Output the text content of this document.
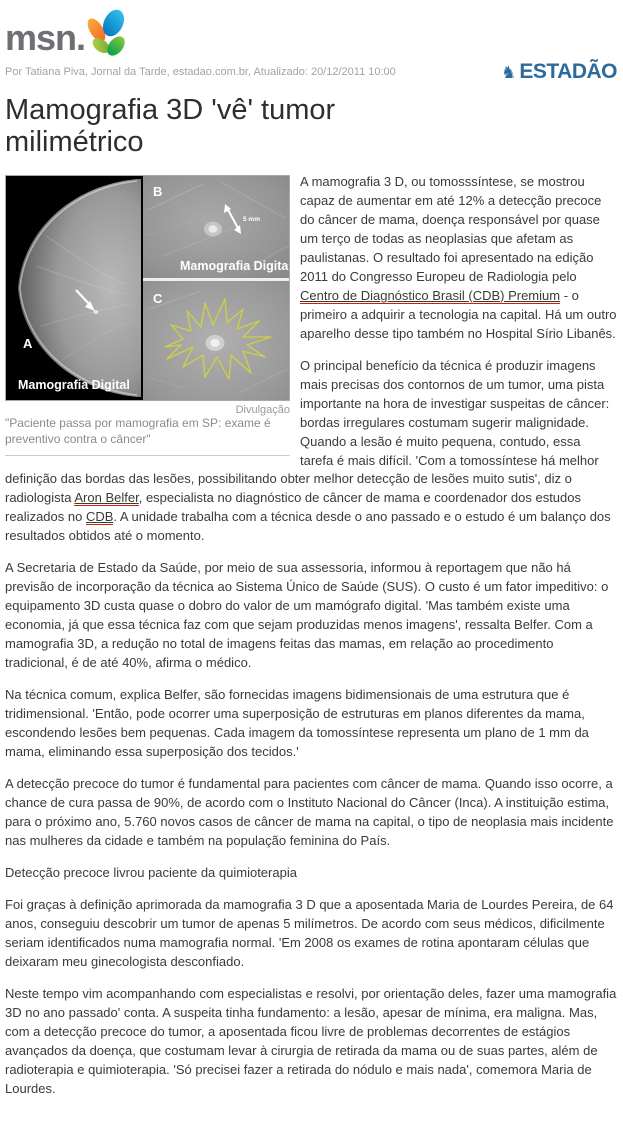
msn.
Por Tatiana Piva, Jornal da Tarde, estadao.com.br, Atualizado: 20/12/2011 10:00	♞ ESTADÃO
Mamografia 3D 'vê' tumor milimétrico
A
Mamografia Digital
5 mm
B
Mamografia Digital
C
Divulgação
"Paciente passa por mamografia em SP: exame é preventivo contra o câncer"

A mamografia 3 D, ou tomosssíntese, se mostrou capaz de aumentar em até 12% a detecção precoce do câncer de mama, doença responsável por quase um terço de todas as neoplasias que afetam as paulistanas. O resultado foi apresentado na edição 2011 do Congresso Europeu de Radiologia pelo Centro de Diagnóstico Brasil (CDB) Premium - o primeiro a adquirir a tecnologia na capital. Há um outro aparelho desse tipo também no Hospital Sírio Libanês.

O principal benefício da técnica é produzir imagens mais precisas dos contornos de um tumor, uma pista importante na hora de investigar suspeitas de câncer: bordas irregulares costumam sugerir malignidade. Quando a lesão é muito pequena, contudo, essa tarefa é mais difícil. 'Com a tomossíntese há melhor definição das bordas das lesões, possibilitando obter melhor detecção de lesões muito sutis', diz o radiologista Aron Belfer, especialista no diagnóstico de câncer de mama e coordenador dos estudos realizados no CDB. A unidade trabalha com a técnica desde o ano passado e o estudo é um balanço dos resultados obtidos até o momento.

A Secretaria de Estado da Saúde, por meio de sua assessoria, informou à reportagem que não há previsão de incorporação da técnica ao Sistema Único de Saúde (SUS). O custo é um fator impeditivo: o equipamento 3D custa quase o dobro do valor de um mamógrafo digital. 'Mas também existe uma economia, já que essa técnica faz com que sejam produzidas menos imagens', ressalta Belfer. Com a mamografia 3D, a redução no total de imagens feitas das mamas, em relação ao procedimento tradicional, é de até 40%, afirma o médico.

Na técnica comum, explica Belfer, são fornecidas imagens bidimensionais de uma estrutura que é tridimensional. 'Então, pode ocorrer uma superposição de estruturas em planos diferentes da mama, escondendo lesões bem pequenas. Cada imagem da tomossíntese representa um plano de 1 mm da mama, eliminando essa superposição dos tecidos.'

A detecção precoce do tumor é fundamental para pacientes com câncer de mama. Quando isso ocorre, a chance de cura passa de 90%, de acordo com o Instituto Nacional do Câncer (Inca). A instituição estima, para o próximo ano, 5.760 novos casos de câncer de mama na capital, o tipo de neoplasia mais incidente nas mulheres da cidade e também na população feminina do País.

Detecção precoce livrou paciente da quimioterapia

Foi graças à definição aprimorada da mamografia 3 D que a aposentada Maria de Lourdes Pereira, de 64 anos, conseguiu descobrir um tumor de apenas 5 milímetros. De acordo com seus médicos, dificilmente seriam identificados numa mamografia normal. 'Em 2008 os exames de rotina apontaram células que deixaram meu ginecologista desconfiado.

Neste tempo vim acompanhando com especialistas e resolvi, por orientação deles, fazer uma mamografia 3D no ano passado' conta. A suspeita tinha fundamento: a lesão, apesar de mínima, era maligna. Mas, com a detecção precoce do tumor, a aposentada ficou livre de problemas decorrentes de estágios avançados da doença, que costumam levar à cirurgia de retirada da mama ou de suas partes, além de radioterapia e quimioterapia. 'Só precisei fazer a retirada do nódulo e mais nada', comemora Maria de Lourdes.
